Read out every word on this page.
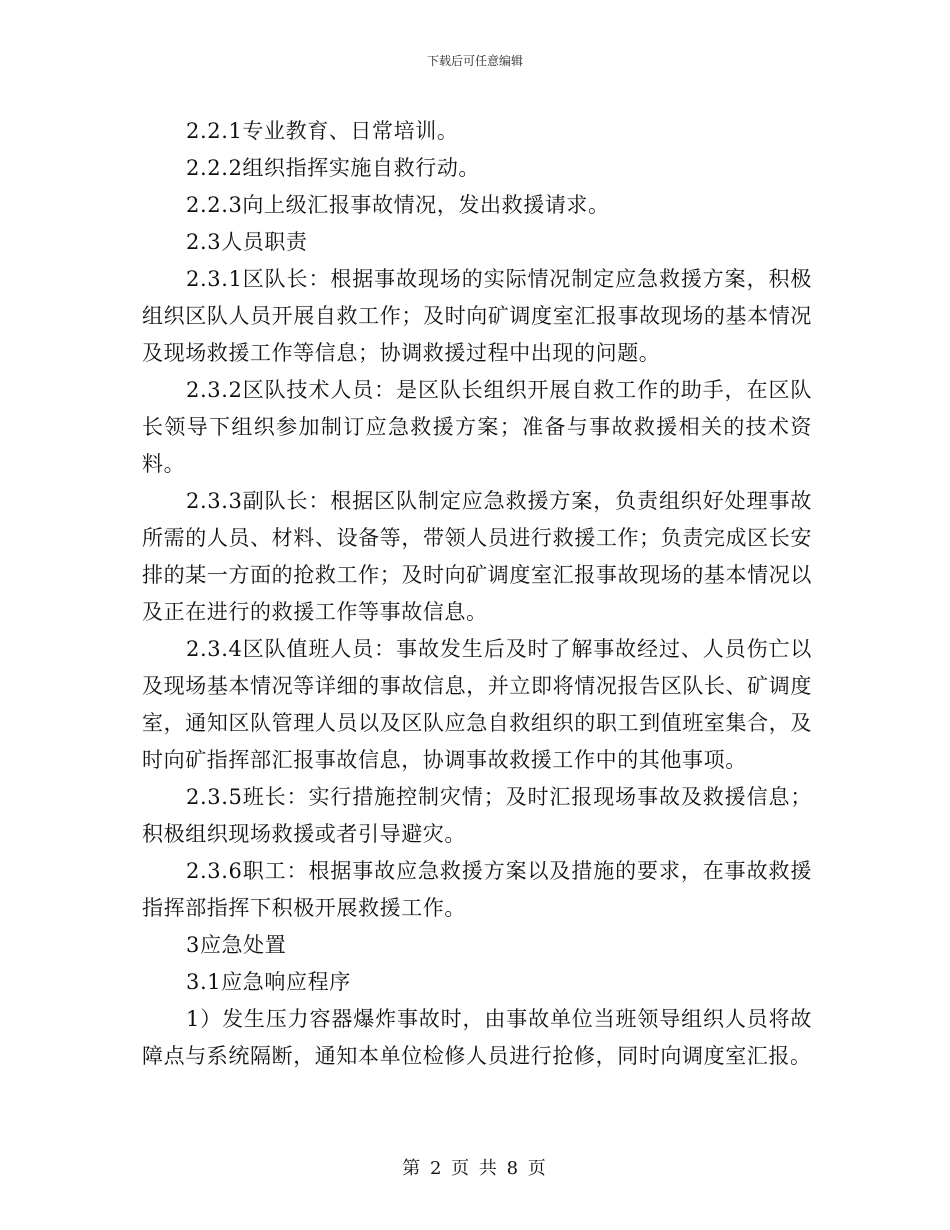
下载后可任意编辑

2.2.1专业教育、日常培训。

2.2.2组织指挥实施自救行动。

2.2.3向上级汇报事故情况，发出救援请求。

2.3人员职责

2.3.1区队长：根据事故现场的实际情况制定应急救援方案，积极组织区队人员开展自救工作；及时向矿调度室汇报事故现场的基本情况及现场救援工作等信息；协调救援过程中出现的问题。

2.3.2区队技术人员：是区队长组织开展自救工作的助手，在区队长领导下组织参加制订应急救援方案；准备与事故救援相关的技术资料。

2.3.3副队长：根据区队制定应急救援方案，负责组织好处理事故所需的人员、材料、设备等，带领人员进行救援工作；负责完成区长安排的某一方面的抢救工作；及时向矿调度室汇报事故现场的基本情况以及正在进行的救援工作等事故信息。

2.3.4区队值班人员：事故发生后及时了解事故经过、人员伤亡以及现场基本情况等详细的事故信息，并立即将情况报告区队长、矿调度室，通知区队管理人员以及区队应急自救组织的职工到值班室集合，及时向矿指挥部汇报事故信息，协调事故救援工作中的其他事项。

2.3.5班长：实行措施控制灾情；及时汇报现场事故及救援信息；积极组织现场救援或者引导避灾。

2.3.6职工：根据事故应急救援方案以及措施的要求，在事故救援指挥部指挥下积极开展救援工作。

3应急处置

3.1应急响应程序

1）发生压力容器爆炸事故时，由事故单位当班领导组织人员将故障点与系统隔断，通知本单位检修人员进行抢修，同时向调度室汇报。

第 2 页 共 8 页
